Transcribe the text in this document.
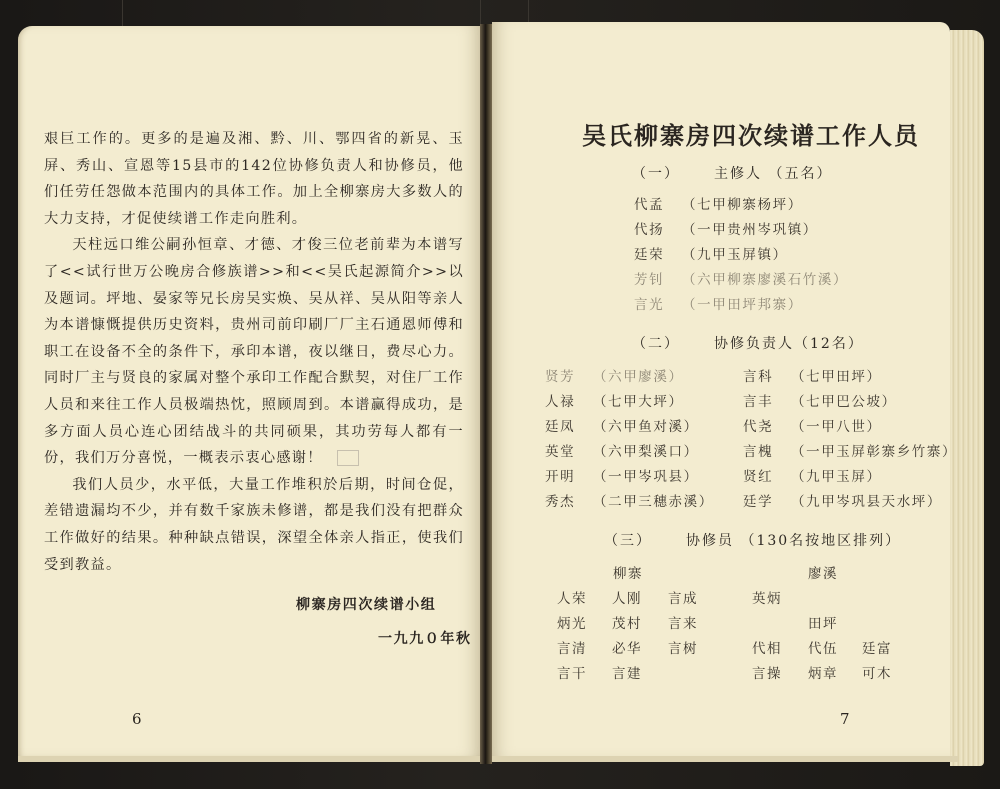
艰巨工作的。更多的是遍及湘、黔、川、鄂四省的新晃、玉屏、秀山、宣恩等15县市的142位协修负责人和协修员，他们任劳任怨做本范围内的具体工作。加上全柳寨房大多数人的大力支持，才促使续谱工作走向胜利。

天柱远口维公嗣孙恒章、才德、才俊三位老前辈为本谱写了<<试行世万公晚房合修族谱>>和<<吴氏起源简介>>以及题词。坪地、晏家等兄长房吴实焕、吴从祥、吴从阳等亲人为本谱慷慨提供历史资料，贵州司前印刷厂厂主石通恩师傅和职工在设备不全的条件下，承印本谱，夜以继日，费尽心力。同时厂主与贤良的家属对整个承印工作配合默契，对住厂工作人员和来往工作人员极端热忱，照顾周到。本谱赢得成功，是多方面人员心连心团结战斗的共同硕果，其功劳每人都有一份，我们万分喜悦，一概表示衷心感谢！

我们人员少，水平低，大量工作堆积於后期，时间仓促，差错遗漏均不少，并有数千家族未修谱，都是我们没有把群众工作做好的结果。种种缺点错误，深望全体亲人指正，使我们受到教益。

柳寨房四次续谱小组
一九九０年秋
6
吴氏柳寨房四次续谱工作人员
（一） 主修人 （五名）
代孟 （七甲柳寨杨坪）
代扬 （一甲贵州岑巩镇）
廷荣 （九甲玉屏镇）
芳钊 （六甲柳寨廖溪石竹溪）
言光 （一甲田坪邦寨）
（二） 协修负责人（12名）
贤芳 （六甲廖溪）
人禄 （七甲大坪）
廷凤 （六甲鱼对溪）
英堂 （六甲梨溪口）
开明 （一甲岑巩县）
秀杰 （二甲三穗赤溪）
言科 （七甲田坪）
言丰 （七甲巴公坡）
代尧 （一甲八世）
言槐 （一甲玉屏彰寨乡竹寨）
贤红 （九甲玉屏）
廷学 （九甲岑巩县天水坪）
（三） 协修员 （130名按地区排列）
柳寨	廖溪
田坪
人荣 人刚 言成
炳光 茂村 言来
言清 必华 言树
言干 言建
英炳
代相 代伍 廷富
言操 炳章 可木
7
